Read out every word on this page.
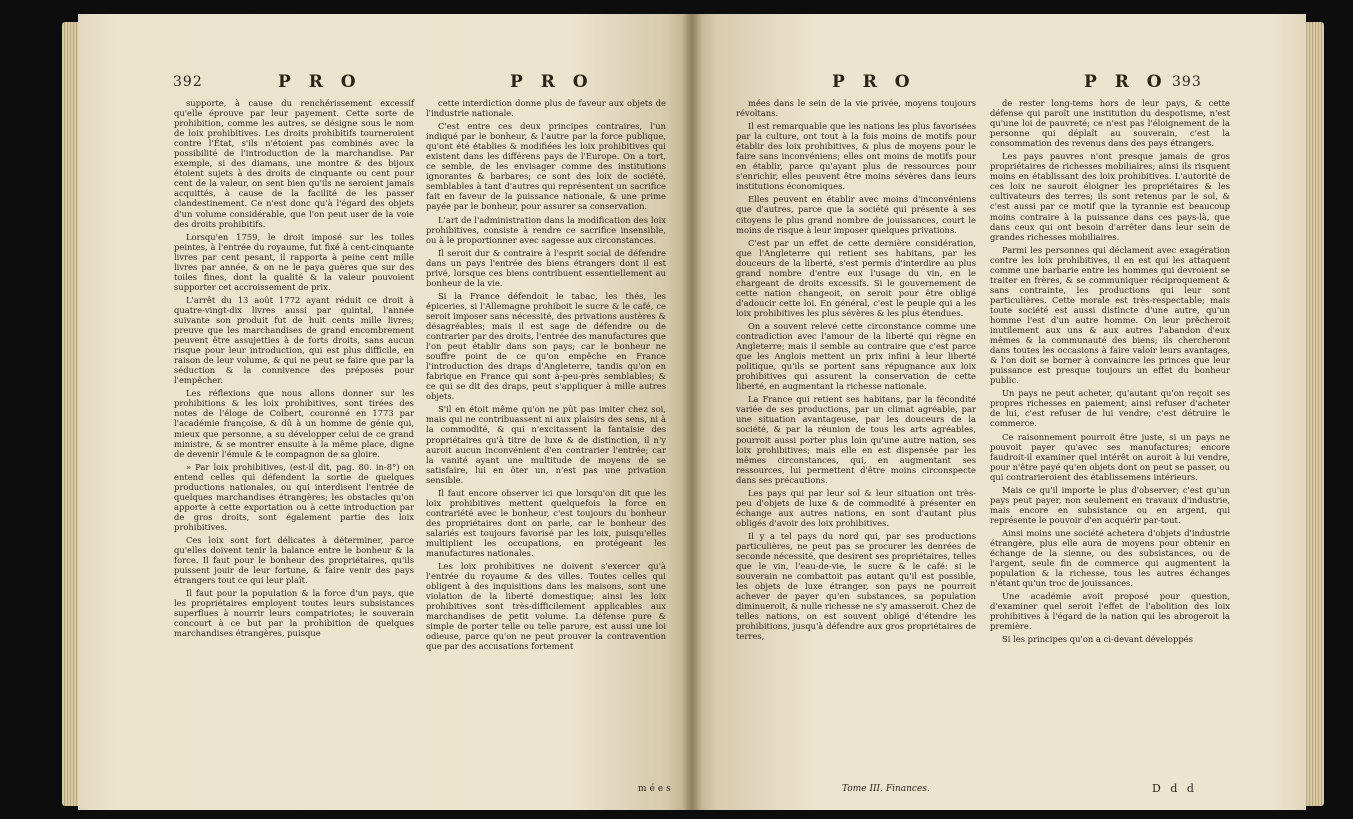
392	P R O	P R O

supporte, à cause du renchérissement excessif qu'elle éprouve par leur payement. Cette sorte de prohibition, comme les autres, se désigne sous le nom de loix prohibitives. Les droits prohibitifs tourneroient contre l'État, s'ils n'étoient pas combinés avec la possibilité de l'introduction de la marchandise. Par exemple, si des diamans, une montre & des bijoux étoient sujets à des droits de cinquante ou cent pour cent de la valeur, on sent bien qu'ils ne seroient jamais acquittés, à cause de la facilité de les passer clandestinement. Ce n'est donc qu'à l'égard des objets d'un volume considérable, que l'on peut user de la voie des droits prohibitifs.

Lorsqu'en 1759, le droit imposé sur les toiles peintes, à l'entrée du royaume, fut fixé à cent-cinquante livres par cent pesant, il rapporta à peine cent mille livres par année, & on ne le paya guères que sur des toiles fines, dont la qualité & la valeur pouvoient supporter cet accroissement de prix.

L'arrêt du 13 août 1772 ayant réduit ce droit à quatre-vingt-dix livres aussi par quintal, l'année suivante son produit fut de huit cents mille livres; preuve que les marchandises de grand encombrement peuvent être assujetties à de forts droits, sans aucun risque pour leur introduction, qui est plus difficile, en raison de leur volume, & qui ne peut se faire que par la séduction & la connivence des préposés pour l'empêcher.

Les réflexions que nous allons donner sur les prohibitions & les loix prohibitives, sont tirées des notes de l'éloge de Colbert, couronné en 1773 par l'académie françoise, & dû à un homme de génie qui, mieux que personne, a su développer celui de ce grand ministre, & se montrer ensuite à la même place, digne de devenir l'émule & le compagnon de sa gloire.

» Par loix prohibitives, (est-il dit, pag. 80. in-8°) on entend celles qui défendent la sortie de quelques productions nationales, ou qui interdisent l'entrée de quelques marchandises étrangères; les obstacles qu'on apporte à cette exportation ou à cette introduction par de gros droits, sont également partie des loix prohibitives.

Ces loix sont fort délicates à déterminer, parce qu'elles doivent tenir la balance entre le bonheur & la force. Il faut pour le bonheur des propriétaires, qu'ils puissent jouir de leur fortune, & faire venir des pays étrangers tout ce qui leur plaît.

Il faut pour la population & la force d'un pays, que les propriétaires employent toutes leurs subsistances superflues à nourrir leurs compatriotes; le souverain concourt à ce but par la prohibition de quelques marchandises étrangères, puisque

cette interdiction donne plus de faveur aux objets de l'industrie nationale.

C'est entre ces deux principes contraires, l'un indiqué par le bonheur, & l'autre par la force publique, qu'ont été établies & modifiées les loix prohibitives qui existent dans les différens pays de l'Europe. On a tort, ce semble, de les envisager comme des institutions ignorantes & barbares; ce sont des loix de société, semblables à tant d'autres qui représentent un sacrifice fait en faveur de la puissance nationale, & une prime payée par le bonheur, pour assurer sa conservation.

L'art de l'administration dans la modification des loix prohibitives, consiste à rendre ce sacrifice insensible, ou à le proportionner avec sagesse aux circonstances.

Il seroit dur & contraire à l'esprit social de défendre dans un pays l'entrée des biens étrangers dont il est privé, lorsque ces biens contribuent essentiellement au bonheur de la vie.

Si la France défendoit le tabac, les thés, les épiceries, si l'Allemagne prohiboit le sucre & le café, ce seroit imposer sans nécessité, des privations austères & désagréables; mais il est sage de défendre ou de contrarier par des droits, l'entrée des manufactures que l'on peut établir dans son pays; car le bonheur ne souffre point de ce qu'on empêche en France l'introduction des draps d'Angleterre, tandis qu'on en fabrique en France qui sont à-peu-près semblables; & ce qui se dit des draps, peut s'appliquer à mille autres objets.

S'il en étoit même qu'on ne pût pas imiter chez soi, mais qui ne contribuassent ni aux plaisirs des sens, ni à la commodité, & qui n'excitassent la fantaisie des propriétaires qu'à titre de luxe & de distinction, il n'y auroit aucun inconvénient d'en contrarier l'entrée; car la vanité ayant une multitude de moyens de se satisfaire, lui en ôter un, n'est pas une privation sensible.

Il faut encore observer ici que lorsqu'on dit que les loix prohibitives mettent quelquefois la force en contrariété avec le bonheur, c'est toujours du bonheur des propriétaires dont on parle, car le bonheur des salariés est toujours favorisé par les loix, puisqu'elles multiplient les occupations, en protégeant les manufactures nationales.

Les loix prohibitives ne doivent s'exercer qu'à l'entrée du royaume & des villes. Toutes celles qui obligent à des inquisitions dans les maisons, sont une violation de la liberté domestique; ainsi les loix prohibitives sont très-difficilement applicables aux marchandises de petit volume. La défense pure & simple de porter telle ou telle parure, est aussi une loi odieuse, parce qu'on ne peut prouver la contravention que par des accusations fortement

mées
P R O	P R O 393

mées dans le sein de la vie privée, moyens toujours révoltans.

Il est remarquable que les nations les plus favorisées par la culture, ont tout à la fois moins de motifs pour établir des loix prohibitives, & plus de moyens pour le faire sans inconvéniens; elles ont moins de motifs pour en établir, parce qu'ayant plus de ressources pour s'enrichir, elles peuvent être moins sévères dans leurs institutions économiques.

Elles peuvent en établir avec moins d'inconvéniens que d'autres, parce que la société qui présente à ses citoyens le plus grand nombre de jouissances, court le moins de risque à leur imposer quelques privations.

C'est par un effet de cette dernière considération, que l'Angleterre qui retient ses habitans, par les douceurs de la liberté, s'est permis d'interdire au plus grand nombre d'entre eux l'usage du vin, en le chargeant de droits excessifs. Si le gouvernement de cette nation changeoit, on seroit pour être obligé d'adoucir cette loi. En général, c'est le peuple qui a les loix prohibitives les plus sévères & les plus étendues.

On a souvent relevé cette circonstance comme une contradiction avec l'amour de la liberté qui règne en Angleterre; mais il semble au contraire que c'est parce que les Anglois mettent un prix infini à leur liberté politique, qu'ils se portent sans répugnance aux loix prohibitives qui assurent la conservation de cette liberté, en augmentant la richesse nationale.

La France qui retient ses habitans, par la fécondité variée de ses productions, par un climat agréable, par une situation avantageuse, par les douceurs de la société, & par la réunion de tous les arts agréables, pourroit aussi porter plus loin qu'une autre nation, ses loix prohibitives; mais elle en est dispensée par les mêmes circonstances, qui, en augmentant ses ressources, lui permettent d'être moins circonspecte dans ses précautions.

Les pays qui par leur sol & leur situation ont très-peu d'objets de luxe & de commodité à présenter en échange aux autres nations, en sont d'autant plus obligés d'avoir des loix prohibitives.

Il y a tel pays du nord qui, par ses productions particulières, ne peut pas se procurer les denrées de seconde nécessité, que desirent ses propriétaires, telles que le vin, l'eau-de-vie, le sucre & le café: si le souverain ne combattoit pas autant qu'il est possible, les objets de luxe étranger, son pays ne pourroit achever de payer qu'en substances, sa population diminueroit, & nulle richesse ne s'y amasseroit. Chez de telles nations, on est souvent obligé d'étendre les prohibitions, jusqu'à défendre aux gros propriétaires de terres,

de rester long-tems hors de leur pays, & cette défense qui paroît une institution du despotisme, n'est qu'une loi de pauvreté; ce n'est pas l'éloignement de la personne qui déplaît au souverain, c'est la consommation des revenus dans des pays étrangers.

Les pays pauvres n'ont presque jamais de gros propriétaires de richesses mobiliaires; ainsi ils risquent moins en établissant des loix prohibitives. L'autorité de ces loix ne sauroit éloigner les propriétaires & les cultivateurs des terres; ils sont retenus par le sol, & c'est aussi par ce motif que la tyrannie est beaucoup moins contraire à la puissance dans ces pays-là, que dans ceux qui ont besoin d'arrêter dans leur sein de grandes richesses mobiliaires.

Parmi les personnes qui déclament avec exagération contre les loix prohibitives, il en est qui les attaquent comme une barbarie entre les hommes qui devroient se traiter en frères, & se communiquer réciproquement & sans contrainte, les productions qui leur sont particulières. Cette morale est très-respectable; mais toute société est aussi distincte d'une autre, qu'un homme l'est d'un autre homme. On leur prêcheroit inutilement aux uns & aux autres l'abandon d'eux mêmes & la communauté des biens; ils chercheront dans toutes les occasions à faire valoir leurs avantages, & l'on doit se borner à convaincre les princes que leur puissance est presque toujours un effet du bonheur public.

Un pays ne peut acheter, qu'autant qu'on reçoit ses propres richesses en paiement; ainsi refuser d'acheter de lui, c'est refuser de lui vendre; c'est détruire le commerce.

Ce raisonnement pourroit être juste, si un pays ne pouvoit payer qu'avec ses manufactures; encore faudroit-il examiner quel intérêt on auroit à lui vendre, pour n'être payé qu'en objets dont on peut se passer, ou qui contrarieroient des établissemens intérieurs.

Mais ce qu'il importe le plus d'observer; c'est qu'un pays peut payer, non seulement en travaux d'industrie, mais encore en subsistance ou en argent, qui représente le pouvoir d'en acquérir par-tout.

Ainsi moins une société achetera d'objets d'industrie étrangère, plus elle aura de moyens pour obtenir en échange de la sienne, ou des subsistances, ou de l'argent, seule fin de commerce qui augmentent la population & la richesse, tous les autres échanges n'étant qu'un troc de jouissances.

Une académie avoit proposé pour question, d'examiner quel seroit l'effet de l'abolition des loix prohibitives à l'égard de la nation qui les abrogeroit la première.

Si les principes qu'on a ci-devant développés

Tome III. Finances.	D d d
